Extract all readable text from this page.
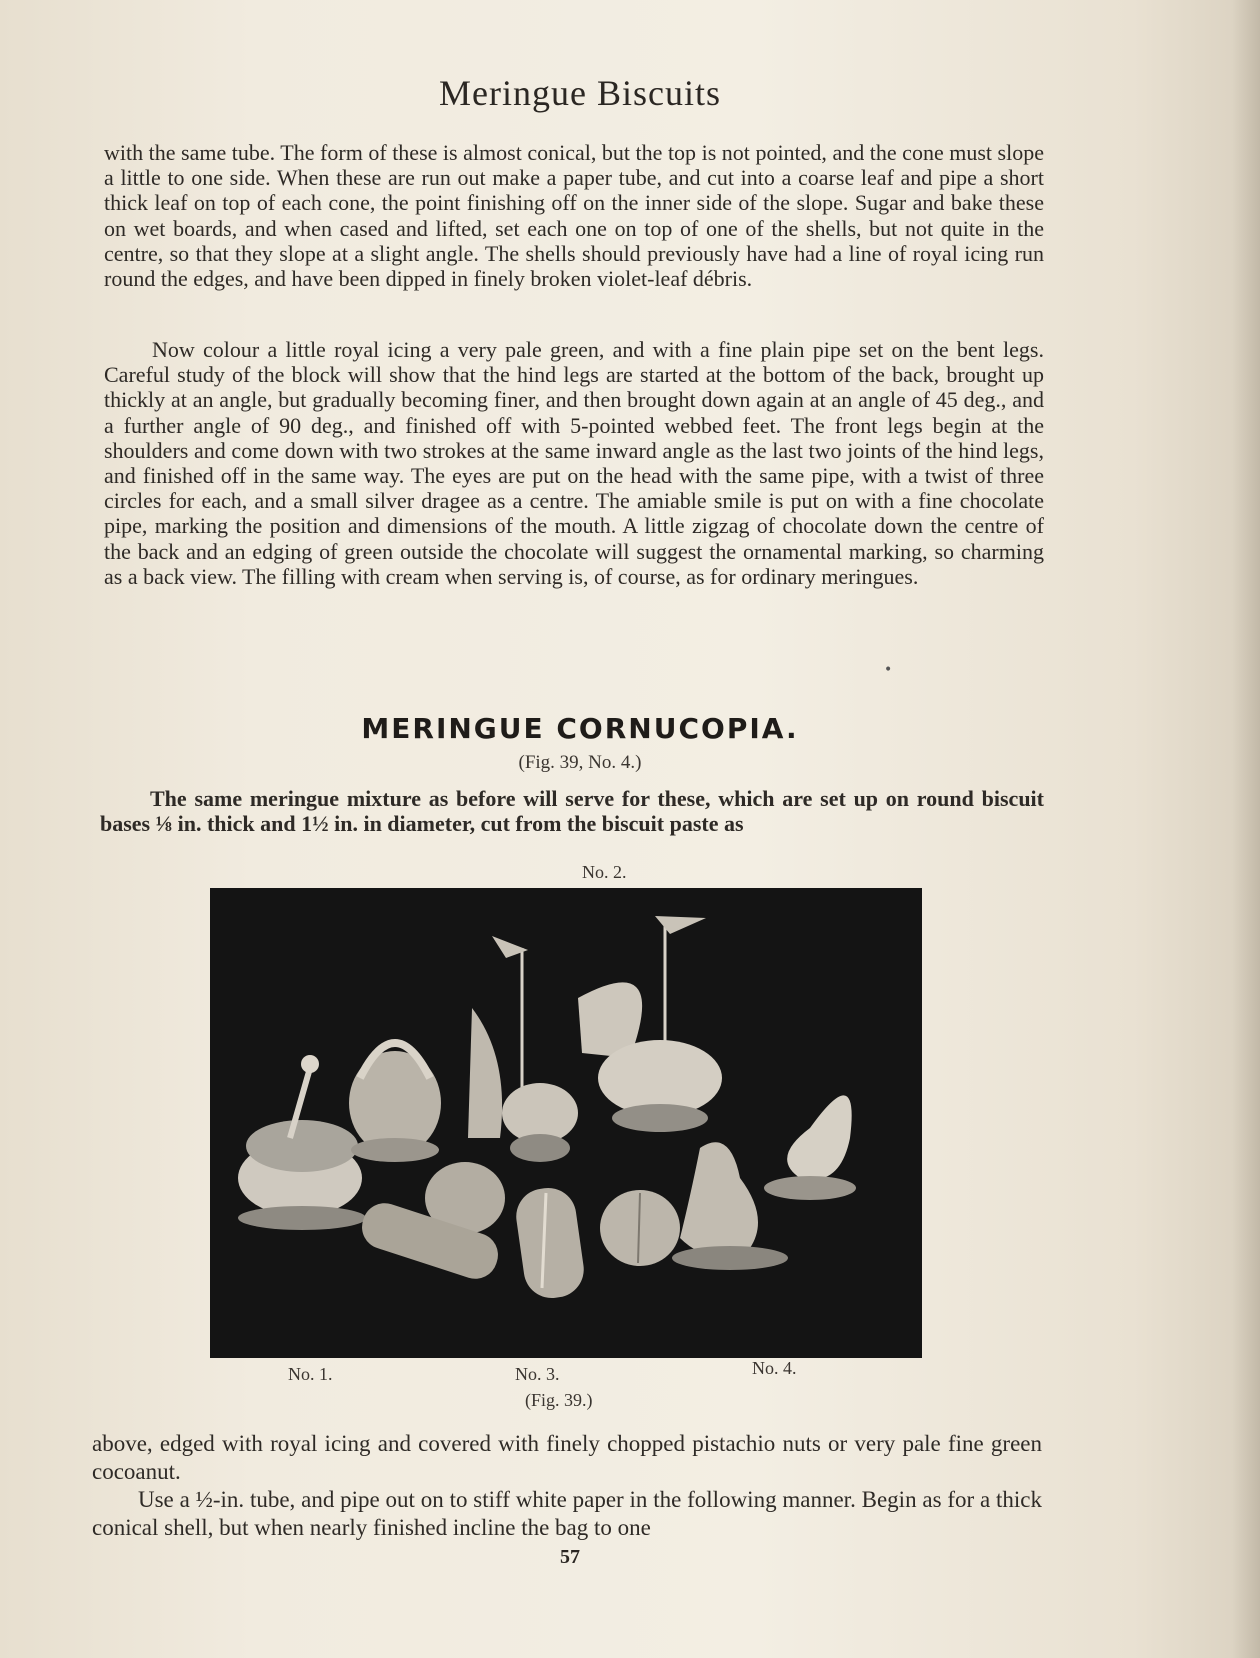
Meringue Biscuits
with the same tube. The form of these is almost conical, but the top is not pointed, and the cone must slope a little to one side. When these are run out make a paper tube, and cut into a coarse leaf and pipe a short thick leaf on top of each cone, the point finishing off on the inner side of the slope. Sugar and bake these on wet boards, and when cased and lifted, set each one on top of one of the shells, but not quite in the centre, so that they slope at a slight angle. The shells should previously have had a line of royal icing run round the edges, and have been dipped in finely broken violet-leaf débris.
Now colour a little royal icing a very pale green, and with a fine plain pipe set on the bent legs. Careful study of the block will show that the hind legs are started at the bottom of the back, brought up thickly at an angle, but gradually becoming finer, and then brought down again at an angle of 45 deg., and a further angle of 90 deg., and finished off with 5-pointed webbed feet. The front legs begin at the shoulders and come down with two strokes at the same inward angle as the last two joints of the hind legs, and finished off in the same way. The eyes are put on the head with the same pipe, with a twist of three circles for each, and a small silver dragee as a centre. The amiable smile is put on with a fine chocolate pipe, marking the position and dimensions of the mouth. A little zigzag of chocolate down the centre of the back and an edging of green outside the chocolate will suggest the ornamental marking, so charming as a back view. The filling with cream when serving is, of course, as for ordinary meringues.
•
MERINGUE CORNUCOPIA.
(Fig. 39, No. 4.)
The same meringue mixture as before will serve for these, which are set up on round biscuit bases ⅛ in. thick and 1½ in. in diameter, cut from the biscuit paste as
No. 2.
No. 1.	No. 3.	No. 4.
(Fig. 39.)
above, edged with royal icing and covered with finely chopped pistachio nuts or very pale fine green cocoanut.
Use a ½-in. tube, and pipe out on to stiff white paper in the following manner. Begin as for a thick conical shell, but when nearly finished incline the bag to one
57
